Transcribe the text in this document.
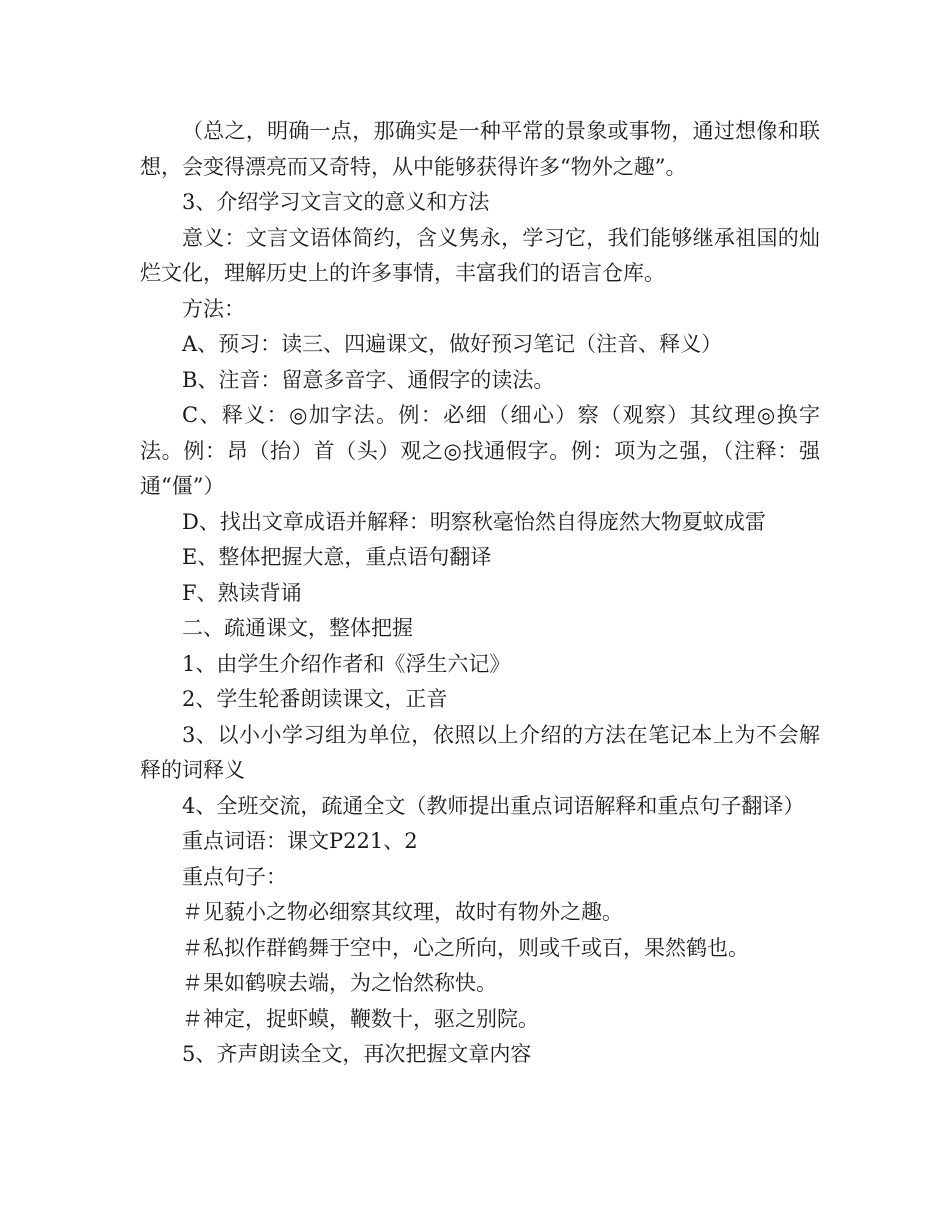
（总之，明确一点，那确实是一种平常的景象或事物，通过想像和联想，会变得漂亮而又奇特，从中能够获得许多“物外之趣”。

3、介绍学习文言文的意义和方法

意义：文言文语体简约，含义隽永，学习它，我们能够继承祖国的灿烂文化，理解历史上的许多事情，丰富我们的语言仓库。

方法：

A、预习：读三、四遍课文，做好预习笔记（注音、释义）

B、注音：留意多音字、通假字的读法。

C、释义：◎加字法。例：必细（细心）察（观察）其纹理◎换字法。例：昂（抬）首（头）观之◎找通假字。例：项为之强，（注释：强通“僵”）

D、找出文章成语并解释：明察秋毫怡然自得庞然大物夏蚊成雷

E、整体把握大意，重点语句翻译

F、熟读背诵

二、疏通课文，整体把握

1、由学生介绍作者和《浮生六记》

2、学生轮番朗读课文，正音

3、以小小学习组为单位，依照以上介绍的方法在笔记本上为不会解释的词释义

4、全班交流，疏通全文（教师提出重点词语解释和重点句子翻译）

重点词语：课文P221、2

重点句子：

＃见藐小之物必细察其纹理，故时有物外之趣。

＃私拟作群鹤舞于空中，心之所向，则或千或百，果然鹤也。

＃果如鹤唳去端，为之怡然称快。

＃神定，捉虾蟆，鞭数十，驱之别院。

5、齐声朗读全文，再次把握文章内容
